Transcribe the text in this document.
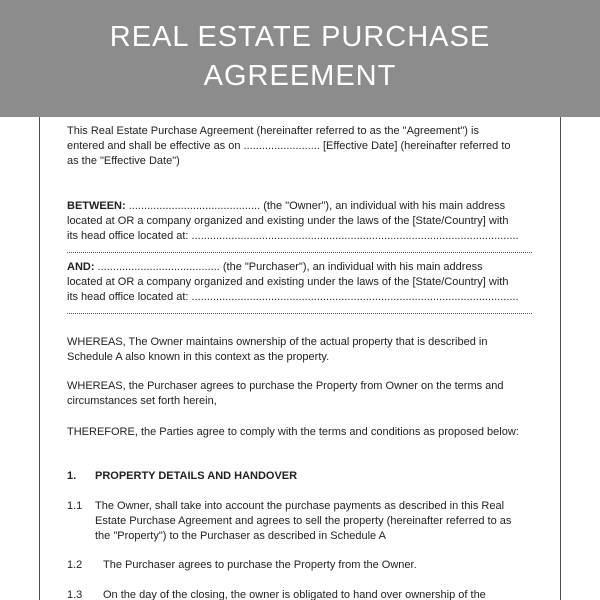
REAL ESTATE PURCHASE
AGREEMENT
This Real Estate Purchase Agreement (hereinafter referred to as the "Agreement") is
entered and shall be effective as on ......................... [Effective Date] (hereinafter referred to
as the "Effective Date")
BETWEEN: ........................................... (the "Owner"), an individual with his main address
located at OR a company organized and existing under the laws of the [State/Country] with
its head office located at: ...........................................................................................................
AND: ........................................ (the "Purchaser"), an individual with his main address
located at OR a company organized and existing under the laws of the [State/Country] with
its head office located at: ...........................................................................................................
WHEREAS, The Owner maintains ownership of the actual property that is described in
Schedule A also known in this context as the property.
WHEREAS, the Purchaser agrees to purchase the Property from Owner on the terms and
circumstances set forth herein,
THEREFORE, the Parties agree to comply with the terms and conditions as proposed below:
1.	PROPERTY DETAILS AND HANDOVER
1.1	The Owner, shall take into account the purchase payments as described in this Real
Estate Purchase Agreement and agrees to sell the property (hereinafter referred to as
the "Property") to the Purchaser as described in Schedule A
1.2	The Purchaser agrees to purchase the Property from the Owner.
1.3	On the day of the closing, the owner is obligated to hand over ownership of the
